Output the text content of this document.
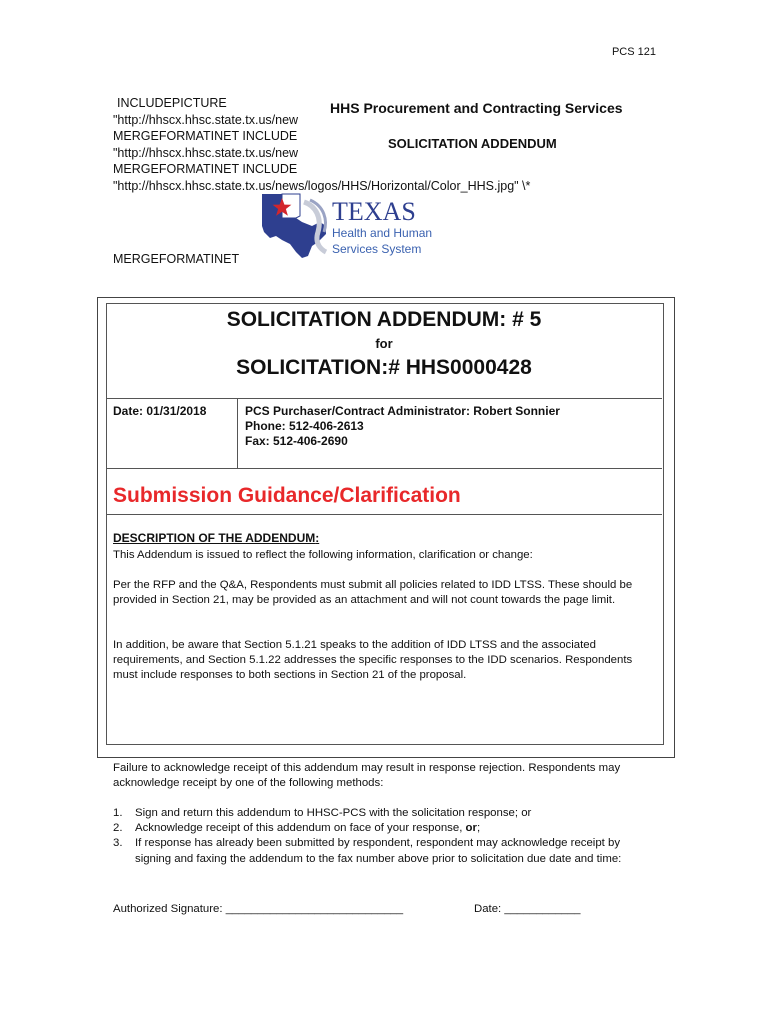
PCS 121
INCLUDEPICTURE
"http://hhscx.hhsc.state.tx.us/new
MERGEFORMATINET INCLUDE
"http://hhscx.hhsc.state.tx.us/new
MERGEFORMATINET INCLUDE
"http://hhscx.hhsc.state.tx.us/news/logos/HHS/Horizontal/Color_HHS.jpg" \*
HHS Procurement and Contracting Services
SOLICITATION ADDENDUM
MERGEFORMATINET
TEXAS
Health and Human
Services System
SOLICITATION ADDENDUM: # 5
for
SOLICITATION:# HHS0000428
Date: 01/31/2018	PCS Purchaser/Contract Administrator: Robert Sonnier
Phone: 512-406-2613
Fax: 512-406-2690
Submission Guidance/Clarification
DESCRIPTION OF THE ADDENDUM:
This Addendum is issued to reflect the following information, clarification or change:
Per the RFP and the Q&A, Respondents must submit all policies related to IDD LTSS. These should be provided in Section 21, may be provided as an attachment and will not count towards the page limit.
In addition, be aware that Section 5.1.21 speaks to the addition of IDD LTSS and the associated requirements, and Section 5.1.22 addresses the specific responses to the IDD scenarios. Respondents must include responses to both sections in Section 21 of the proposal.
Failure to acknowledge receipt of this addendum may result in response rejection. Respondents may acknowledge receipt by one of the following methods:
1.	Sign and return this addendum to HHSC-PCS with the solicitation response; or
2.	Acknowledge receipt of this addendum on face of your response, or;
3.	If response has already been submitted by respondent, respondent may acknowledge receipt by signing and faxing the addendum to the fax number above prior to solicitation due date and time:
Authorized Signature: ____________________________	Date: ____________
